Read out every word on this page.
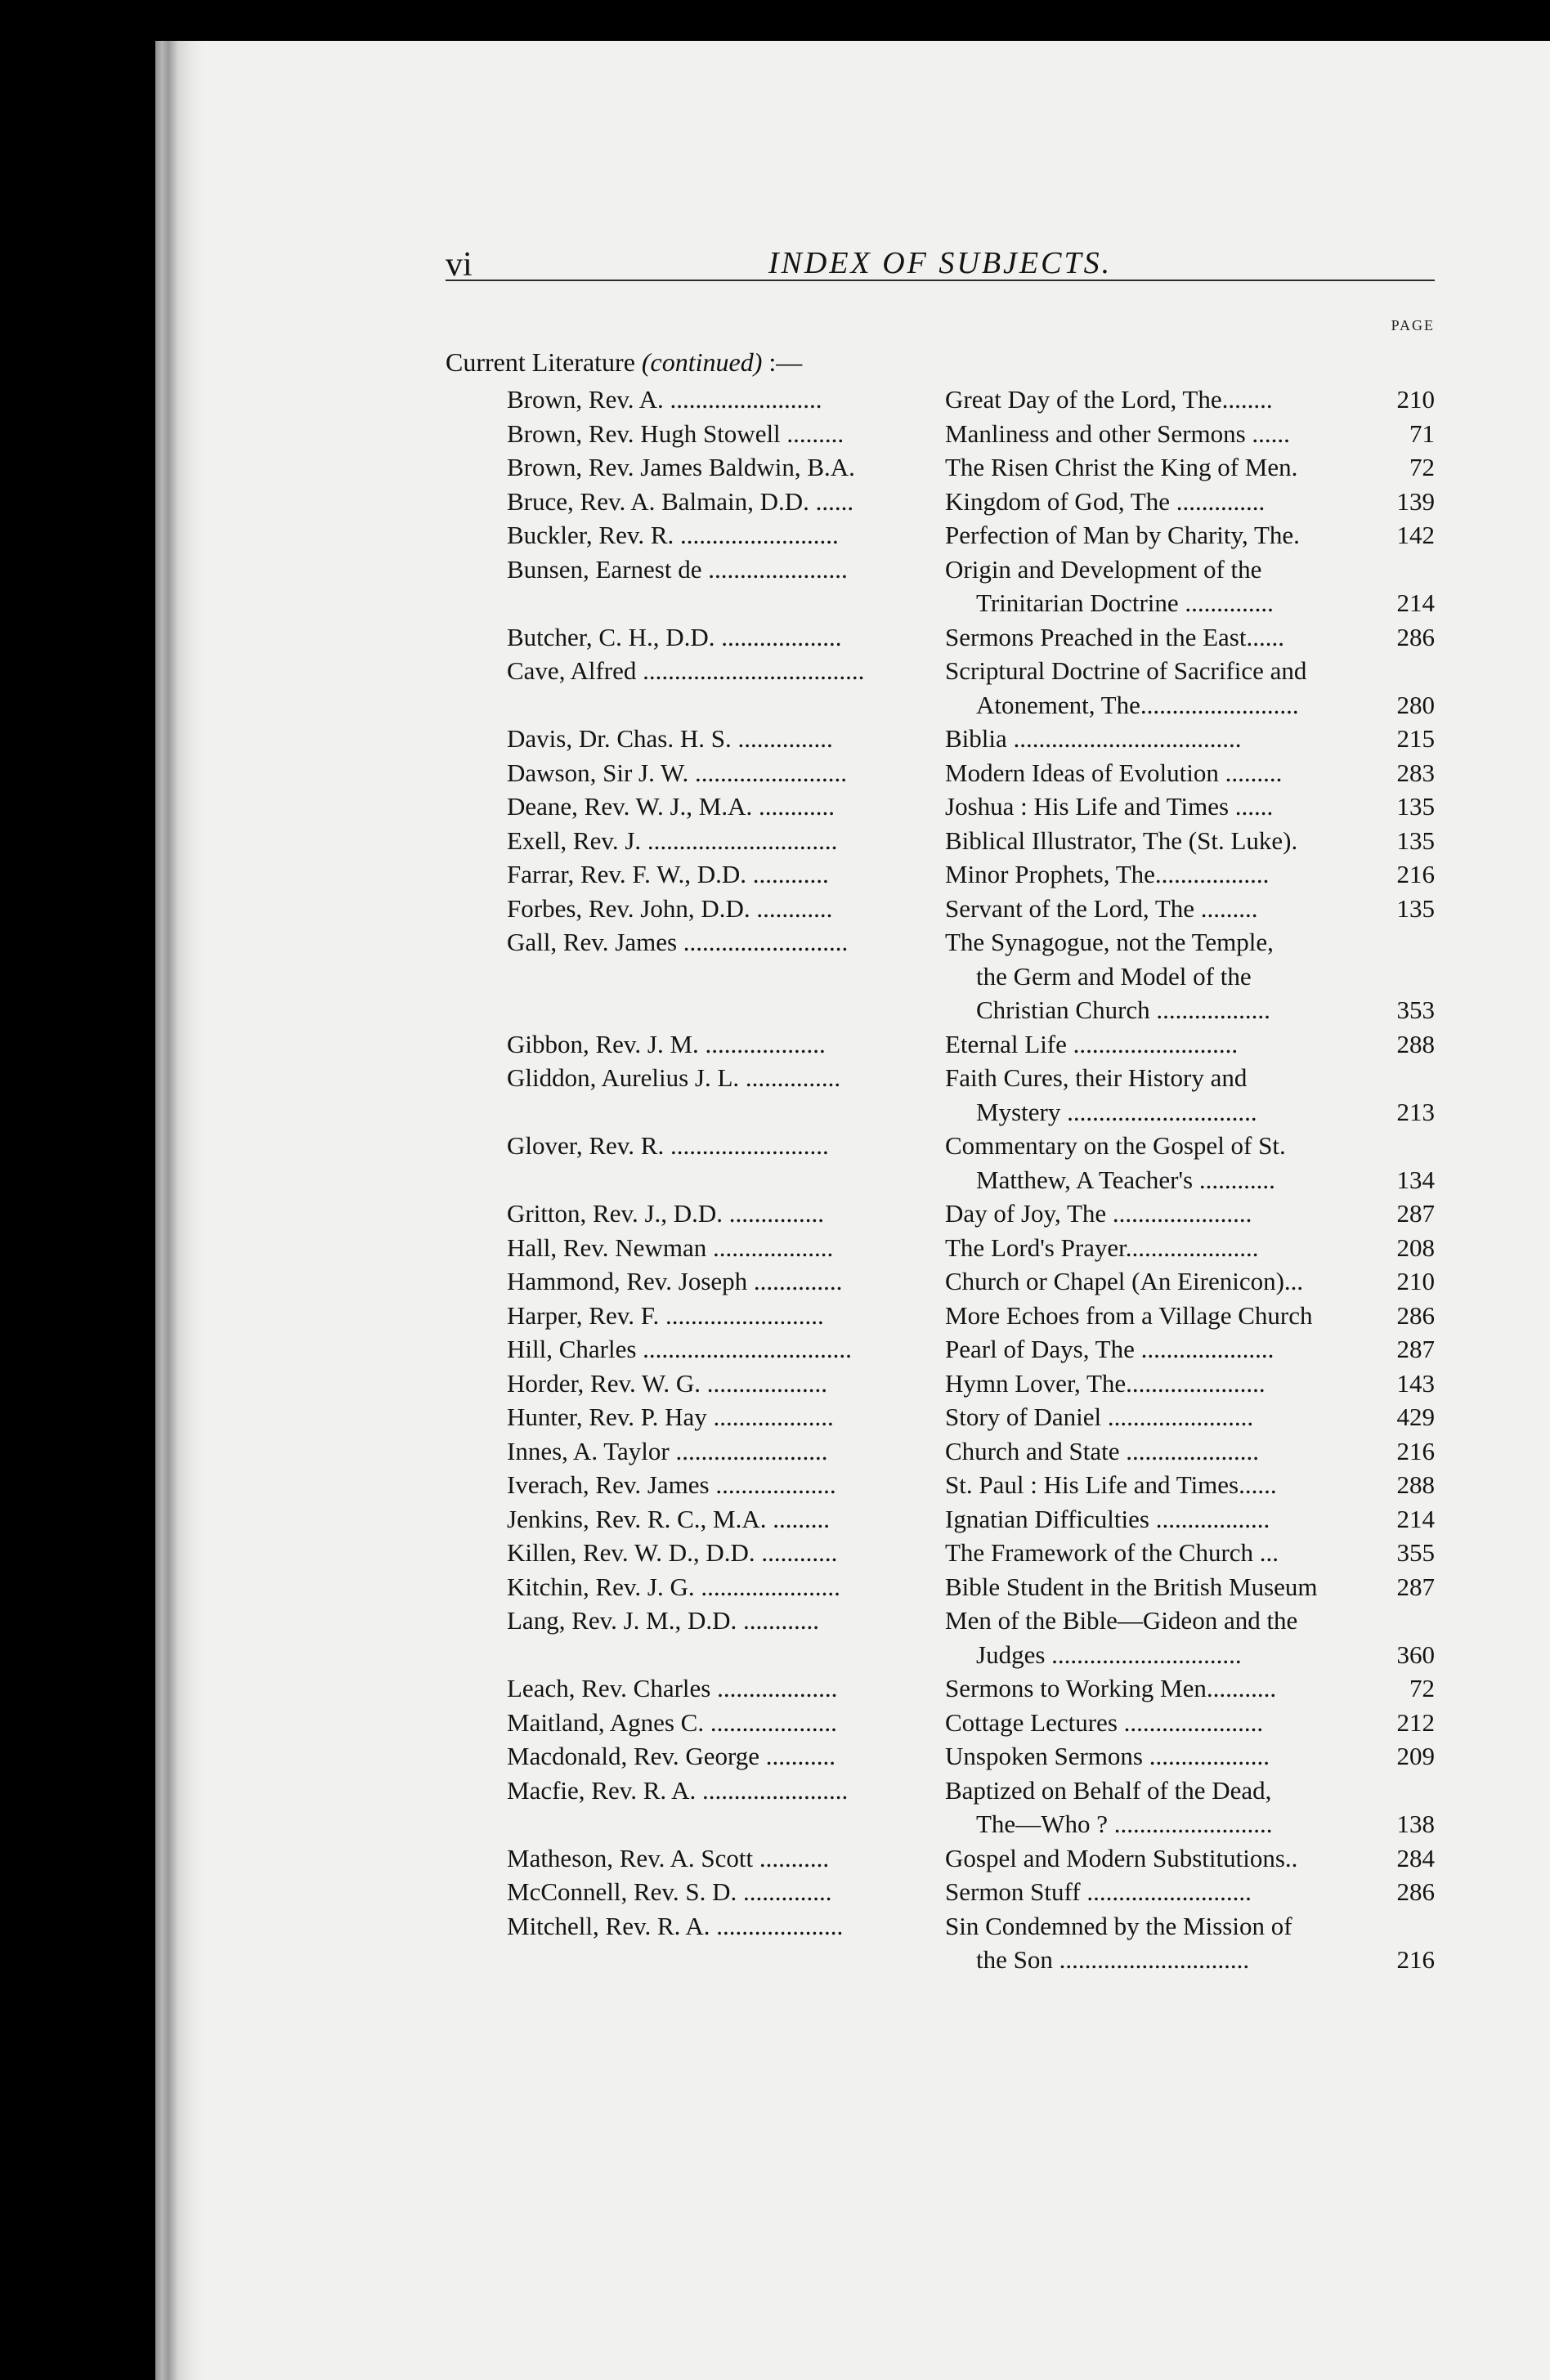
vi	INDEX OF SUBJECTS.
PAGE
Current Literature (continued) :—
Brown, Rev. A. ........................	Great Day of the Lord, The........	210
Brown, Rev. Hugh Stowell .........	Manliness and other Sermons ......	71
Brown, Rev. James Baldwin, B.A.	The Risen Christ the King of Men.	72
Bruce, Rev. A. Balmain, D.D. ......	Kingdom of God, The ..............	139
Buckler, Rev. R. .........................	Perfection of Man by Charity, The.	142
Bunsen, Earnest de ......................	Origin and Development of the
Trinitarian Doctrine ..............	214
Butcher, C. H., D.D. ...................	Sermons Preached in the East......	286
Cave, Alfred ...................................	Scriptural Doctrine of Sacrifice and
Atonement, The.........................	280
Davis, Dr. Chas. H. S. ...............	Biblia ....................................	215
Dawson, Sir J. W. ........................	Modern Ideas of Evolution .........	283
Deane, Rev. W. J., M.A. ............	Joshua : His Life and Times ......	135
Exell, Rev. J. ..............................	Biblical Illustrator, The (St. Luke).	135
Farrar, Rev. F. W., D.D. ............	Minor Prophets, The..................	216
Forbes, Rev. John, D.D. ............	Servant of the Lord, The .........	135
Gall, Rev. James ..........................	The Synagogue, not the Temple,
the Germ and Model of the
Christian Church ..................	353
Gibbon, Rev. J. M. ...................	Eternal Life ..........................	288
Gliddon, Aurelius J. L. ...............	Faith Cures, their History and
Mystery ..............................	213
Glover, Rev. R. .........................	Commentary on the Gospel of St.
Matthew, A Teacher's ............	134
Gritton, Rev. J., D.D. ...............	Day of Joy, The ......................	287
Hall, Rev. Newman ...................	The Lord's Prayer.....................	208
Hammond, Rev. Joseph ..............	Church or Chapel (An Eirenicon)...	210
Harper, Rev. F. .........................	More Echoes from a Village Church	286
Hill, Charles .................................	Pearl of Days, The .....................	287
Horder, Rev. W. G. ...................	Hymn Lover, The......................	143
Hunter, Rev. P. Hay ...................	Story of Daniel .......................	429
Innes, A. Taylor ........................	Church and State .....................	216
Iverach, Rev. James ...................	St. Paul : His Life and Times......	288
Jenkins, Rev. R. C., M.A. .........	Ignatian Difficulties ..................	214
Killen, Rev. W. D., D.D. ............	The Framework of the Church ...	355
Kitchin, Rev. J. G. ......................	Bible Student in the British Museum	287
Lang, Rev. J. M., D.D. ............	Men of the Bible—Gideon and the
Judges ..............................	360
Leach, Rev. Charles ...................	Sermons to Working Men...........	72
Maitland, Agnes C. ....................	Cottage Lectures ......................	212
Macdonald, Rev. George ...........	Unspoken Sermons ...................	209
Macfie, Rev. R. A. .......................	Baptized on Behalf of the Dead,
The—Who ? .........................	138
Matheson, Rev. A. Scott ...........	Gospel and Modern Substitutions..	284
McConnell, Rev. S. D. ..............	Sermon Stuff ..........................	286
Mitchell, Rev. R. A. ....................	Sin Condemned by the Mission of
the Son ..............................	216
